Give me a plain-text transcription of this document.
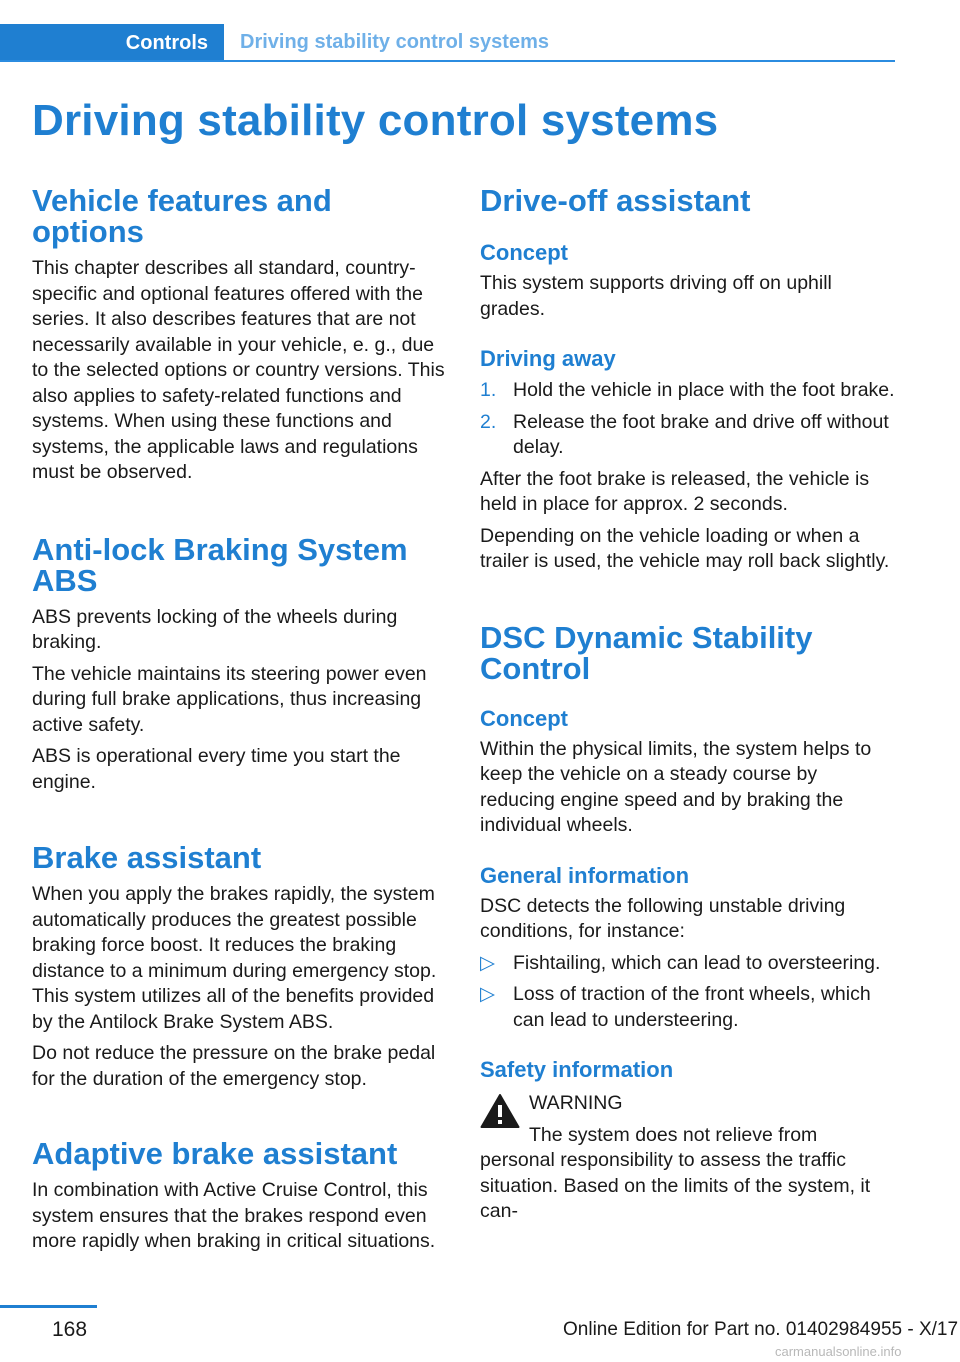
Controls Driving stability control systems
Driving stability control systems
Vehicle features and options

This chapter describes all standard, country-specific and optional features offered with the series. It also describes features that are not necessarily available in your vehicle, e. g., due to the selected options or country versions. This also applies to safety-related functions and systems. When using these functions and systems, the applicable laws and regulations must be observed.

Anti-lock Braking System ABS

ABS prevents locking of the wheels during braking.

The vehicle maintains its steering power even during full brake applications, thus increasing active safety.

ABS is operational every time you start the engine.

Brake assistant

When you apply the brakes rapidly, the system automatically produces the greatest possible braking force boost. It reduces the braking distance to a minimum during emergency stop. This system utilizes all of the benefits provided by the Antilock Brake System ABS.

Do not reduce the pressure on the brake pedal for the duration of the emergency stop.

Adaptive brake assistant

In combination with Active Cruise Control, this system ensures that the brakes respond even more rapidly when braking in critical situations.

Drive-off assistant
Concept

This system supports driving off on uphill grades.

Driving away
1. Hold the vehicle in place with the foot brake.
2. Release the foot brake and drive off without delay.

After the foot brake is released, the vehicle is held in place for approx. 2 seconds.

Depending on the vehicle loading or when a trailer is used, the vehicle may roll back slightly.

DSC Dynamic Stability Control
Concept

Within the physical limits, the system helps to keep the vehicle on a steady course by reducing engine speed and by braking the individual wheels.

General information

DSC detects the following unstable driving conditions, for instance:

▷ Fishtailing, which can lead to oversteering.
▷ Loss of traction of the front wheels, which can lead to understeering.
Safety information
WARNING

The system does not relieve from personal responsibility to assess the traffic situation. Based on the limits of the system, it can-

168	Online Edition for Part no. 01402984955 - X/17
carmanualsonline.info
